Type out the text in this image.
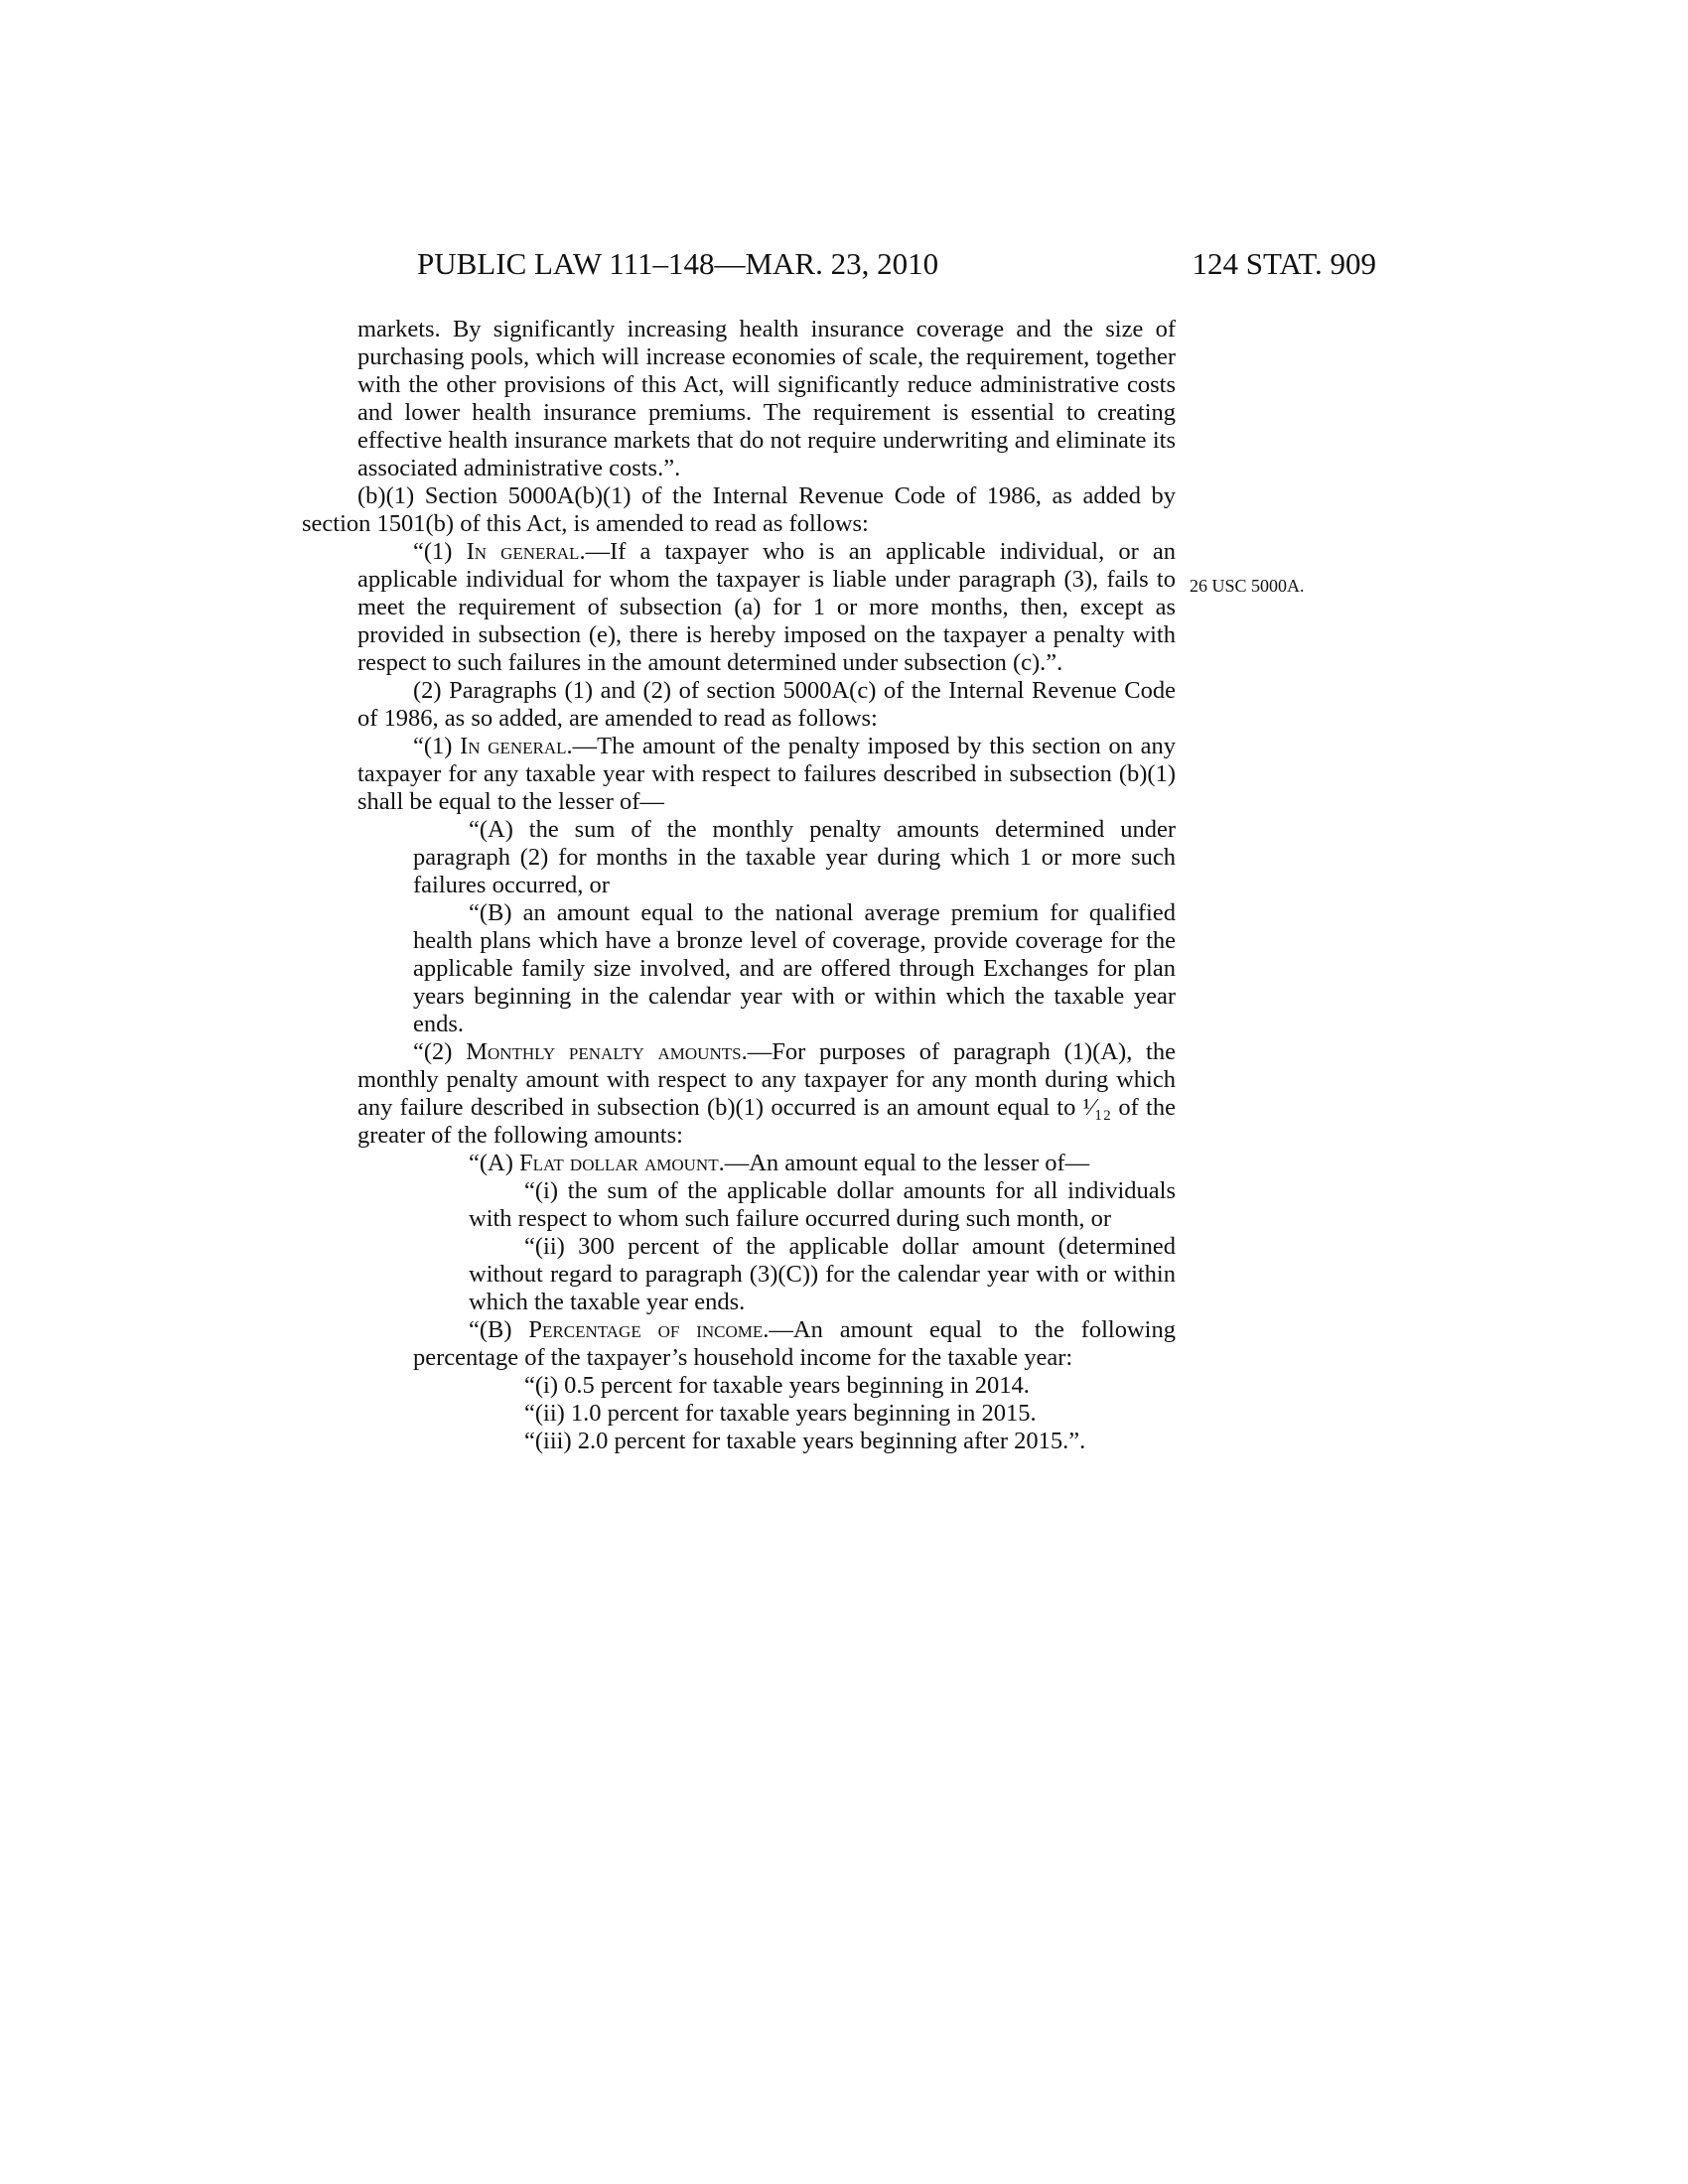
PUBLIC LAW 111–148—MAR. 23, 2010	124 STAT. 909
26 USC 5000A.

markets. By significantly increasing health insurance coverage and the size of purchasing pools, which will increase economies of scale, the requirement, together with the other provisions of this Act, will significantly reduce administrative costs and lower health insurance premiums. The requirement is essential to creating effective health insurance markets that do not require underwriting and eliminate its associated administrative costs.”.

(b)(1) Section 5000A(b)(1) of the Internal Revenue Code of 1986, as added by section 1501(b) of this Act, is amended to read as follows:

“(1) In general.—If a taxpayer who is an applicable individual, or an applicable individual for whom the taxpayer is liable under paragraph (3), fails to meet the requirement of subsection (a) for 1 or more months, then, except as provided in subsection (e), there is hereby imposed on the taxpayer a penalty with respect to such failures in the amount determined under subsection (c).”.

(2) Paragraphs (1) and (2) of section 5000A(c) of the Internal Revenue Code of 1986, as so added, are amended to read as follows:

“(1) In general.—The amount of the penalty imposed by this section on any taxpayer for any taxable year with respect to failures described in subsection (b)(1) shall be equal to the lesser of—

“(A) the sum of the monthly penalty amounts determined under paragraph (2) for months in the taxable year during which 1 or more such failures occurred, or

“(B) an amount equal to the national average premium for qualified health plans which have a bronze level of coverage, provide coverage for the applicable family size involved, and are offered through Exchanges for plan years beginning in the calendar year with or within which the taxable year ends.

“(2) Monthly penalty amounts.—For purposes of paragraph (1)(A), the monthly penalty amount with respect to any taxpayer for any month during which any failure described in subsection (b)(1) occurred is an amount equal to ¹⁄₁₂ of the greater of the following amounts:

“(A) Flat dollar amount.—An amount equal to the lesser of—

“(i) the sum of the applicable dollar amounts for all individuals with respect to whom such failure occurred during such month, or

“(ii) 300 percent of the applicable dollar amount (determined without regard to paragraph (3)(C)) for the calendar year with or within which the taxable year ends.

“(B) Percentage of income.—An amount equal to the following percentage of the taxpayer’s household income for the taxable year:

“(i) 0.5 percent for taxable years beginning in 2014.

“(ii) 1.0 percent for taxable years beginning in 2015.

“(iii) 2.0 percent for taxable years beginning after 2015.”.
